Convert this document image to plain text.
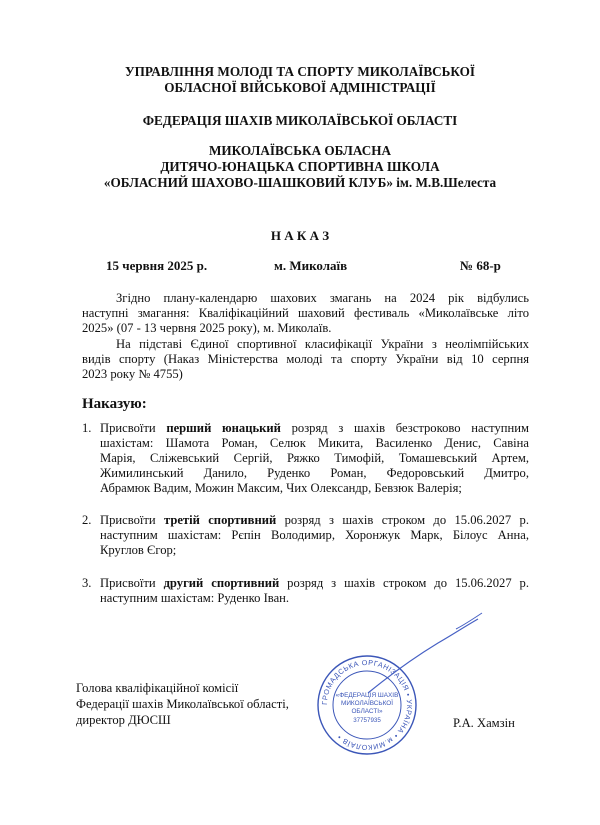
УПРАВЛІННЯ МОЛОДІ ТА СПОРТУ МИКОЛАЇВСЬКОЇ
ОБЛАСНОЇ ВІЙСЬКОВОЇ АДМІНІСТРАЦІЇ
ФЕДЕРАЦІЯ ШАХІВ МИКОЛАЇВСЬКОЇ ОБЛАСТІ
МИКОЛАЇВСЬКА ОБЛАСНА
ДИТЯЧО-ЮНАЦЬКА СПОРТИВНА ШКОЛА
«ОБЛАСНИЙ ШАХОВО-ШАШКОВИЙ КЛУБ» ім. М.В.Шелеста
Н А К А З
15 червня 2025 р.	м. Миколаїв	№ 68-р
Згідно плану-календарю шахових змагань на 2024 рік відбулись
наступні змагання: Кваліфікаційний шаховий фестиваль «Миколаївське літо
2025» (07 - 13 червня 2025 року), м. Миколаїв.
На підставі Єдиної спортивної класифікації України з неолімпійських
видів спорту (Наказ Міністерства молоді та спорту України від 10 серпня
2023 року № 4755)
Наказую:
1. Присвоїти перший юнацький розряд з шахів безстроково наступним
шахістам: Шамота Роман, Селюк Микита, Василенко Денис, Савіна
Марія, Сліжевський Сергій, Ряжко Тимофій, Томашевський Артем,
Жимилинський Данило, Руденко Роман, Федоровський Дмитро,
Абрамюк Вадим, Можин Максим, Чих Олександр, Бевзюк Валерія;
2. Присвоїти третій спортивний розряд з шахів строком до 15.06.2027 р.
наступним шахістам: Рєпін Володимир, Хоронжук Марк, Білоус Анна,
Круглов Єгор;
3. Присвоїти другий спортивний розряд з шахів строком до 15.06.2027 р.
наступним шахістам: Руденко Іван.
Голова кваліфікаційної комісії
Федерації шахів Миколаївської області,
директор ДЮСШ	Р.А. Хамзін
ГРОМАДСЬКА ОРГАНІЗАЦІЯ • УКРАЇНА • м.МИКОЛАЇВ •
«ФЕДЕРАЦІЯ ШАХІВ
МИКОЛАЇВСЬКОЇ
ОБЛАСТІ»
37757935
